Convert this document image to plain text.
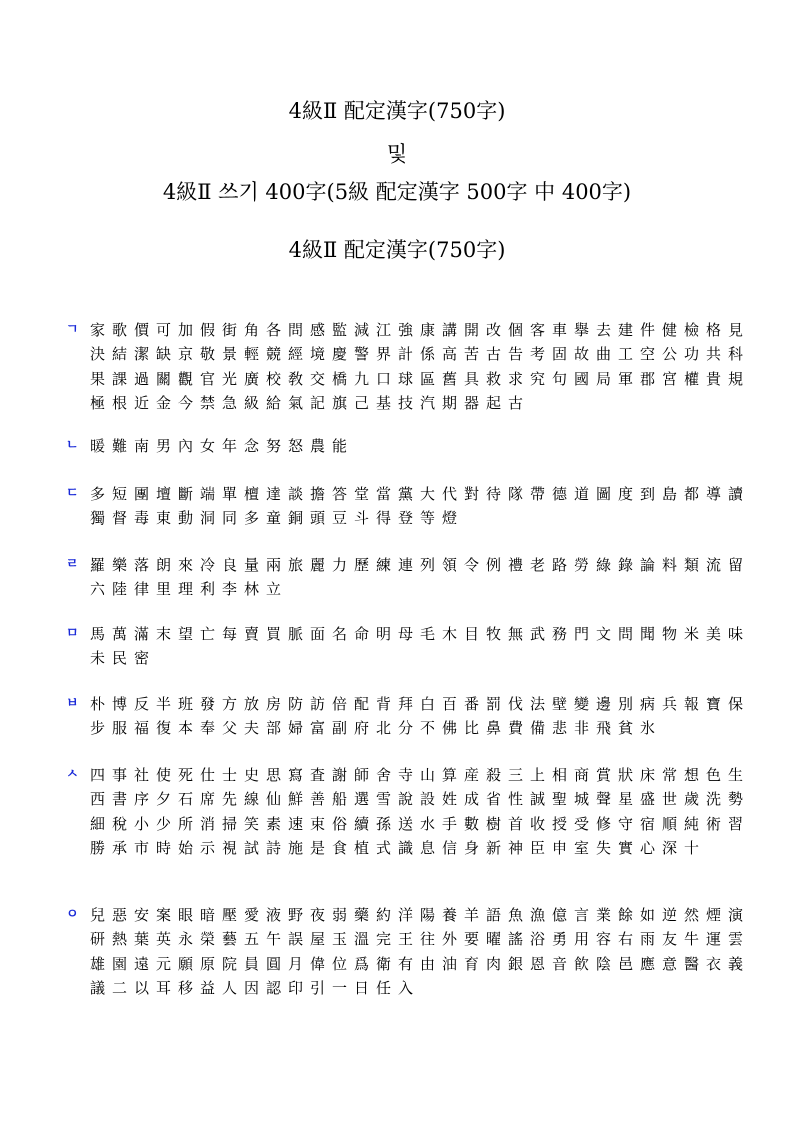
4級Ⅱ 配定漢字(750字)
및
4級Ⅱ 쓰기 400字(5級 配定漢字 500字 中 400字)
4級Ⅱ 配定漢字(750字)
ㄱ 家歌價可加假街角各問感監減江強康講開改個客車擧去建件健檢格見決結潔缺京敬景輕競經境慶警界計係高苦古告考固故曲工空公功共科果課過關觀官光廣校敎交橋九口球區舊具救求究句國局軍郡宮權貴規極根近金今禁急級給氣記旗己基技汽期器起古
ㄴ 暖難南男內女年念努怒農能
ㄷ 多短團壇斷端單檀達談擔答堂當黨大代對待隊帶德道圖度到島都導讀獨督毒東動洞同多童銅頭豆斗得登等燈
ㄹ 羅樂落朗來冷良量兩旅麗力歷練連列領令例禮老路勞綠錄論料類流留六陸律里理利李林立
ㅁ 馬萬滿末望亡每賣買脈面名命明母毛木目牧無武務門文問聞物米美味未民密
ㅂ 朴博反半班發方放房防訪倍配背拜白百番罰伐法壁變邊別病兵報寶保步服福復本奉父夫部婦富副府北分不佛比鼻費備悲非飛貧氷
ㅅ 四事社使死仕士史思寫査謝師舍寺山算産殺三上相商賞狀床常想色生西書序夕石席先線仙鮮善船選雪說設姓成省性誠聖城聲星盛世歲洗勢細稅小少所消掃笑素速束俗續孫送水手數樹首收授受修守宿順純術習勝承市時始示視試詩施是食植式識息信身新神臣申室失實心深十
ㅇ 兒惡安案眼暗壓愛液野夜弱藥約洋陽養羊語魚漁億言業餘如逆然煙演研熱葉英永榮藝五午誤屋玉溫完王往外要曜謠浴勇用容右雨友牛運雲雄園遠元願原院員圓月偉位爲衛有由油育肉銀恩音飮陰邑應意醫衣義議二以耳移益人因認印引一日任入
